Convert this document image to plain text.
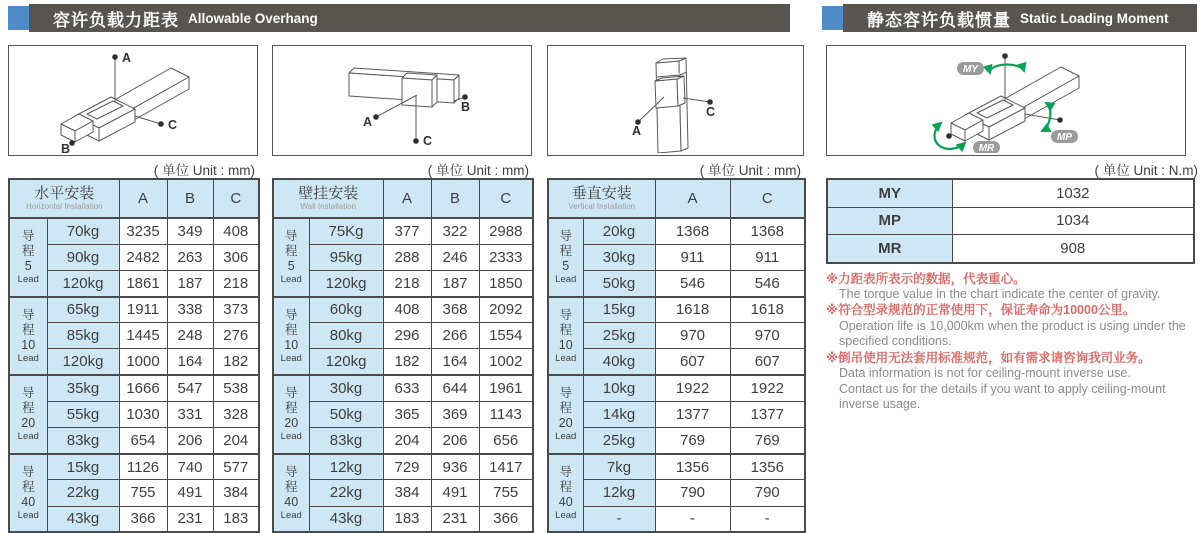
容许负载力距表 Allowable Overhang	静态容许负载惯量 Static Loading Moment
A
B
C
( 单位 Unit : mm)
水平安装
Horizontal Installation		A	B	C

导
程
5
Lead	70kg	3235	349	408
	90kg	2482	263	306
	120kg	1861	187	218

导
程
10
Lead	65kg	1911	338	373
	85kg	1445	248	276
	120kg	1000	164	182

导
程
20
Lead	35kg	1666	547	538
	55kg	1030	331	328
	83kg	654	206	204

导
程
40
Lead	15kg	1126	740	577
	22kg	755	491	384
	43kg	366	231	183
A
B
C
( 单位 Unit : mm)
壁挂安装
Wall Installation		A	B	C

导
程
5
Lead	75Kg	377	322	2988
	95kg	288	246	2333
	120kg	218	187	1850

导
程
10
Lead	60kg	408	368	2092
	80kg	296	266	1554
	120kg	182	164	1002

导
程
20
Lead	30kg	633	644	1961
	50kg	365	369	1143
	83kg	204	206	656

导
程
40
Lead	12kg	729	936	1417
	22kg	384	491	755
	43kg	183	231	366
A
C
( 单位 Unit : mm)
垂直安装
Vertical Installation		A	C

导
程
5
Lead	20kg	1368	1368
	30kg	911	911
	50kg	546	546

导
程
10
Lead	15kg	1618	1618
	25kg	970	970
	40kg	607	607

导
程
20
Lead	10kg	1922	1922
	14kg	1377	1377
	25kg	769	769

导
程
40
Lead	7kg	1356	1356
	12kg	790	790
	-	-	-
MY
MP
MR
( 单位 Unit : N.m)
MY	1032
MP	1034
MR	908
※力距表所表示的数据，代表重心。
The torque value in the chart indicate the center of gravity.
※符合型录规范的正常使用下，保证寿命为10000公里。
Operation life is 10,000km when the product is using under the specified conditions.
※倒吊使用无法套用标准规范，如有需求请咨询我司业务。
Data information is not for ceiling-mount inverse use.
Contact us for the details if you want to apply ceiling-mount inverse usage.
